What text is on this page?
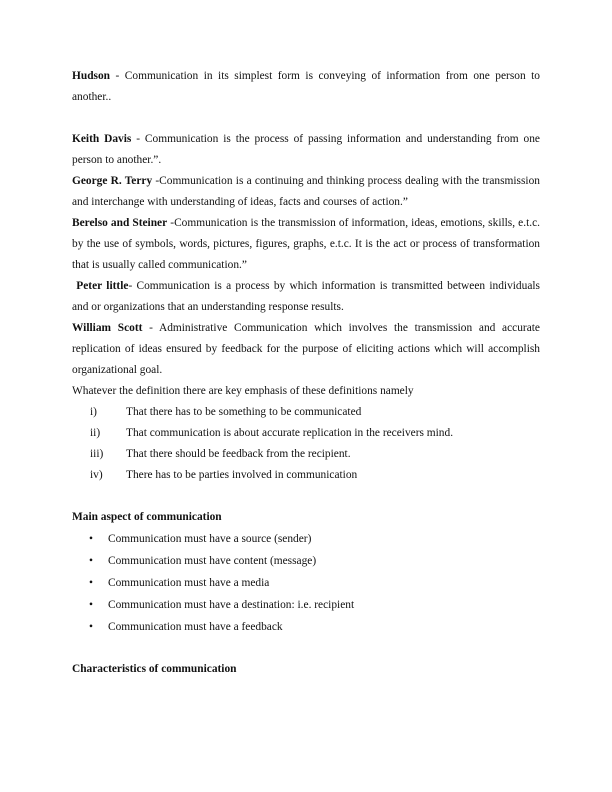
Hudson - Communication in its simplest form is conveying of information from one person to another..

Keith Davis - Communication is the process of passing information and understanding from one person to another.”.

George R. Terry -Communication is a continuing and thinking process dealing with the transmission and interchange with understanding of ideas, facts and courses of action.”

Berelso and Steiner -Communication is the transmission of information, ideas, emotions, skills, e.t.c. by the use of symbols, words, pictures, figures, graphs, e.t.c. It is the act or process of transformation that is usually called communication.”

Peter little- Communication is a process by which information is transmitted between individuals and or organizations that an understanding response results.

William Scott - Administrative Communication which involves the transmission and accurate replication of ideas ensured by feedback for the purpose of eliciting actions which will accomplish organizational goal.

Whatever the definition there are key emphasis of these definitions namely

i)	That there has to be something to be communicated
ii) That communication is about accurate replication in the receivers mind.
iii) That there should be feedback from the recipient.
iv) There has to be parties involved in communication
Main aspect of communication
• Communication must have a source (sender)
• Communication must have content (message)
• Communication must have a media
• Communication must have a destination: i.e. recipient
• Communication must have a feedback
Characteristics of communication
